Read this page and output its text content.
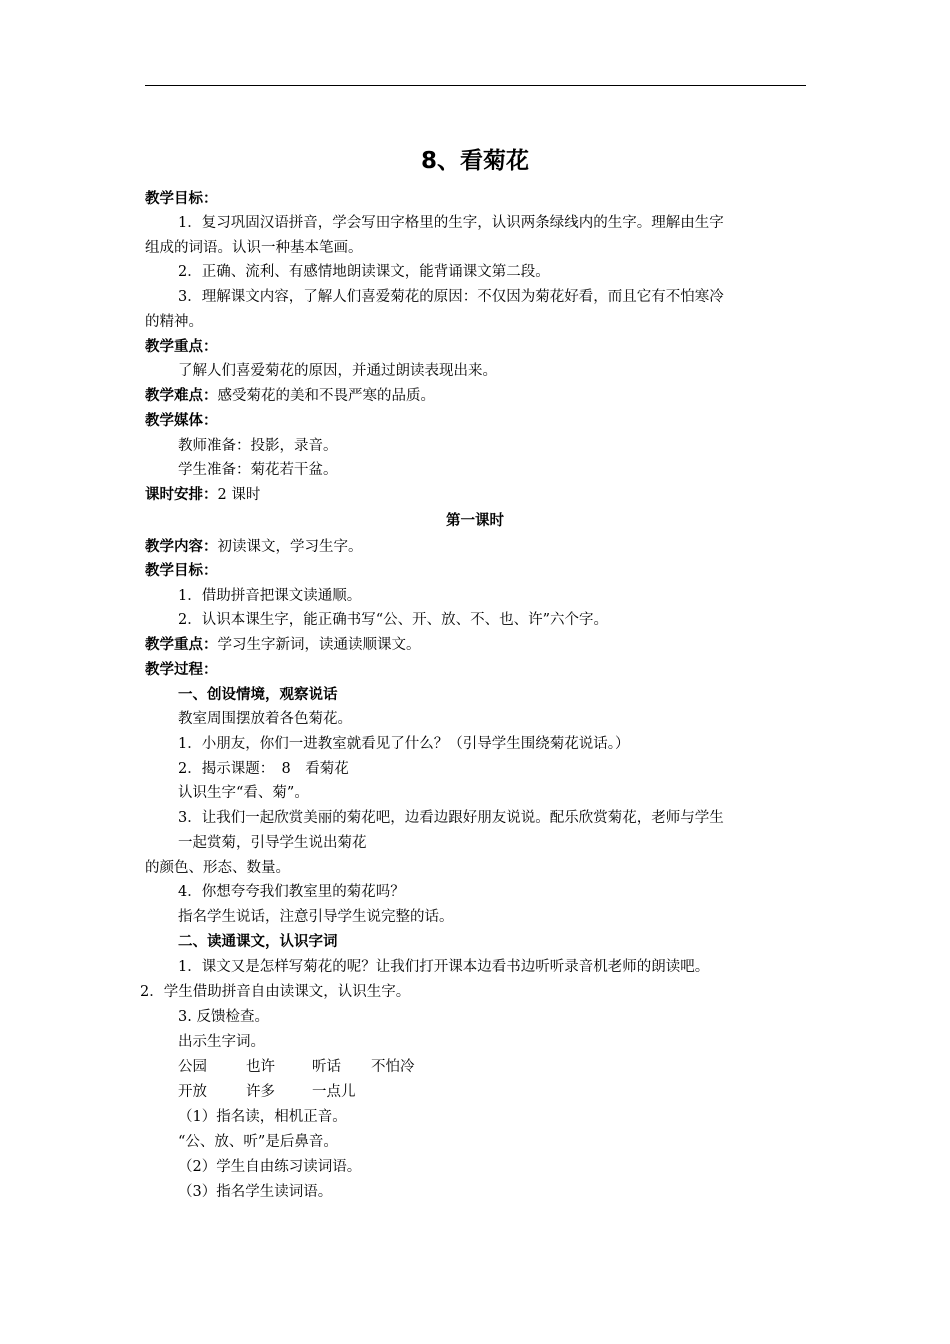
8、看菊花
教学目标：
1．复习巩固汉语拼音，学会写田字格里的生字，认识两条绿线内的生字。理解由生字
组成的词语。认识一种基本笔画。
2．正确、流利、有感情地朗读课文，能背诵课文第二段。
3．理解课文内容，了解人们喜爱菊花的原因：不仅因为菊花好看，而且它有不怕寒冷
的精神。
教学重点：
了解人们喜爱菊花的原因，并通过朗读表现出来。
教学难点：感受菊花的美和不畏严寒的品质。
教学媒体：
教师准备：投影，录音。
学生准备：菊花若干盆。
课时安排：2 课时
第一课时
教学内容：初读课文，学习生字。
教学目标：
1．借助拼音把课文读通顺。
2．认识本课生字，能正确书写“公、开、放、不、也、许”六个字。
教学重点：学习生字新词，读通读顺课文。
教学过程：
一、创设情境，观察说话
教室周围摆放着各色菊花。
1．小朋友，你们一进教室就看见了什么？（引导学生围绕菊花说话。）
2．揭示课题：　8　看菊花
认识生字“看、菊”。
3．让我们一起欣赏美丽的菊花吧，边看边跟好朋友说说。配乐欣赏菊花，老师与学生
一起赏菊，引导学生说出菊花
的颜色、形态、数量。
4．你想夸夸我们教室里的菊花吗？
指名学生说话，注意引导学生说完整的话。
二、读通课文，认识字词
1．课文又是怎样写菊花的呢？让我们打开课本边看书边听听录音机老师的朗读吧。
2．学生借助拼音自由读课文，认识生字。
3. 反馈检查。
出示生字词。
公园	也许	听话 不怕冷
开放	许多	一点儿
（1）指名读，相机正音。
“公、放、听”是后鼻音。
（2）学生自由练习读词语。
（3）指名学生读词语。
